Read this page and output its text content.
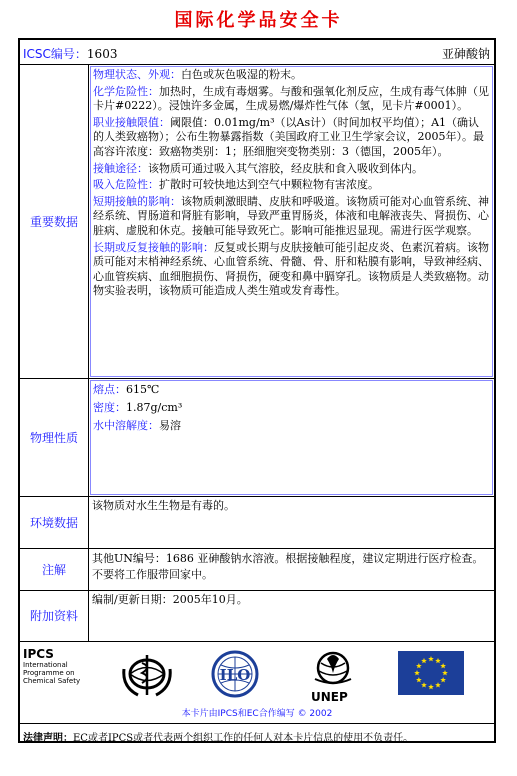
国际化学品安全卡
ICSC编号：1603	亚砷酸钠
重要数据
物理状态、外观：白色或灰色吸湿的粉末。
化学危险性：加热时，生成有毒烟雾。与酸和强氧化剂反应，生成有毒气体胂（见卡片#0222）。浸蚀许多金属，生成易燃/爆炸性气体（氢，见卡片#0001）。
职业接触限值：阈限值：0.01mg/m³（以As计）（时间加权平均值）；A1（确认的人类致癌物）；公布生物暴露指数（美国政府工业卫生学家会议，2005年）。最高容许浓度：致癌物类别：1；胚细胞突变物类别：3（德国，2005年）。
接触途径：该物质可通过吸入其气溶胶，经皮肤和食入吸收到体内。
吸入危险性：扩散时可较快地达到空气中颗粒物有害浓度。
短期接触的影响：该物质刺激眼睛、皮肤和呼吸道。该物质可能对心血管系统、神经系统、胃肠道和肾脏有影响，导致严重胃肠炎，体液和电解液丧失、肾损伤、心脏病、虚脱和休克。接触可能导致死亡。影响可能推迟显现。需进行医学观察。
长期或反复接触的影响：反复或长期与皮肤接触可能引起皮炎、色素沉着病。该物质可能对末梢神经系统、心血管系统、骨髓、骨、肝和粘膜有影响，导致神经病、心血管疾病、血细胞损伤、肾损伤，硬变和鼻中膈穿孔。该物质是人类致癌物。动物实验表明，该物质可能造成人类生殖或发育毒性。
物理性质
熔点：615℃
密度：1.87g/cm³
水中溶解度：易溶
环境数据
该物质对水生生物是有毒的。
注解
其他UN编号：1686 亚砷酸钠水溶液。根据接触程度，建议定期进行医疗检查。不要将工作服带回家中。
附加资料
编制/更新日期：2005年10月。
IPCS
International
Programme on
Chemical Safety	ILO
UNEP
本卡片由IPCS和EC合作编写 © 2002
法律声明：EC或者IPCS或者代表两个组织工作的任何人对本卡片信息的使用不负责任。
